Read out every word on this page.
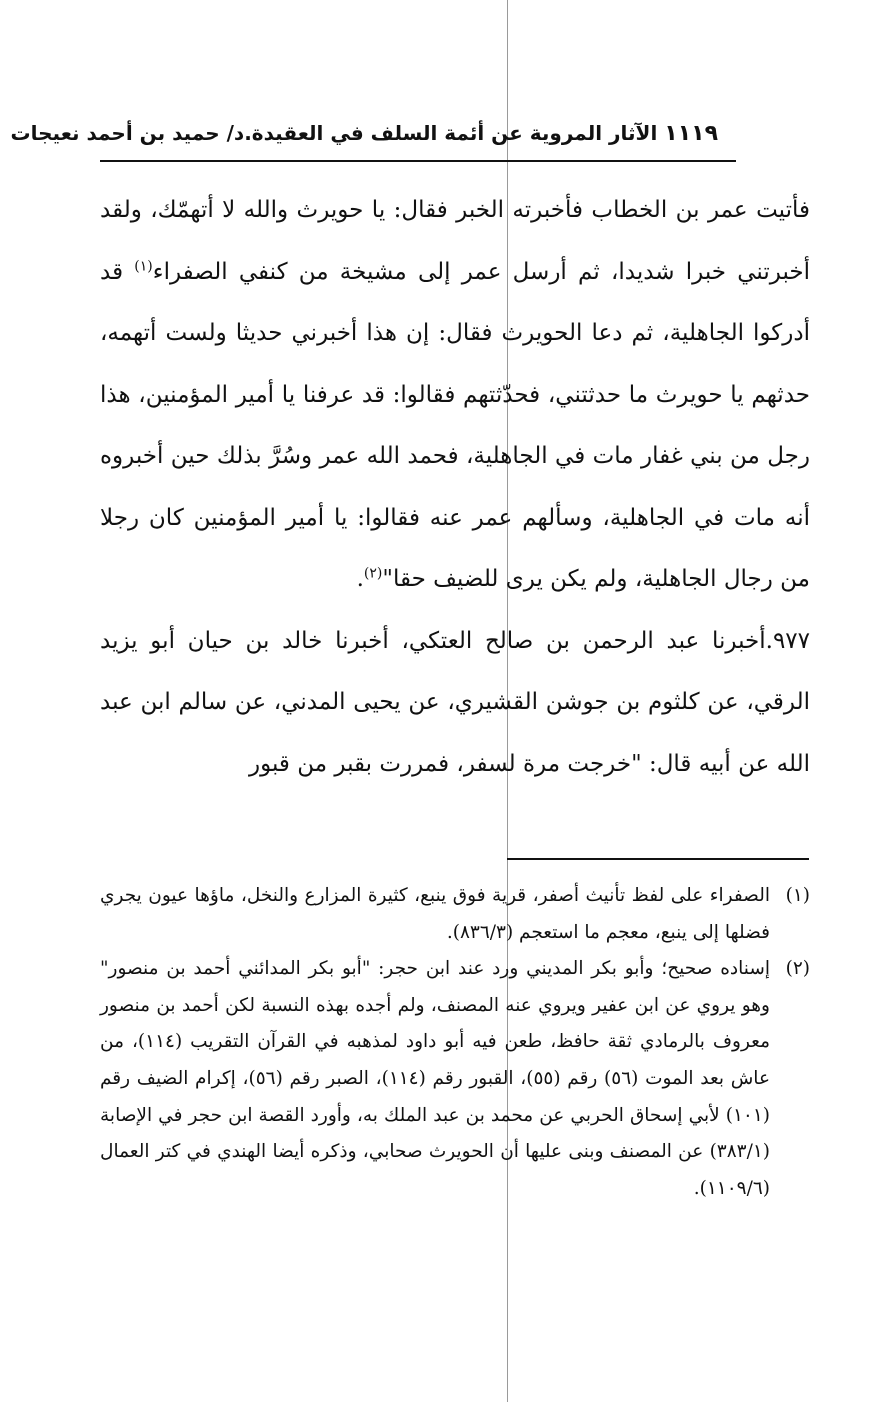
١١١٩ الآثار المروية عن أئمة السلف في العقيدة.د/ حميد بن أحمد نعيجات

فأتيت عمر بن الخطاب فأخبرته الخبر فقال: يا حويرث والله لا أتهمّك، ولقد أخبرتني خبرا شديدا، ثم أرسل عمر إلى مشيخة من كنفي الصفراء$^{(١)}$ قد أدركوا الجاهلية، ثم دعا الحويرث فقال: إن هذا أخبرني حديثا ولست أتهمه، حدثهم يا حويرث ما حدثتني، فحدّثتهم فقالوا: قد عرفنا يا أمير المؤمنين، هذا رجل من بني غفار مات في الجاهلية، فحمد الله عمر وسُرَّ بذلك حين أخبروه أنه مات في الجاهلية، وسألهم عمر عنه فقالوا: يا أمير المؤمنين كان رجلا من رجال الجاهلية، ولم يكن يرى للضيف حقا"$^{(٢)}$.

٩٧٧.أخبرنا عبد الرحمن بن صالح العتكي، أخبرنا خالد بن حيان أبو يزيد الرقي، عن كلثوم بن جوشن القشيري، عن يحيى المدني، عن سالم ابن عبد الله عن أبيه قال: "خرجت مرة لسفر، فمررت بقبر من قبور

(١)
الصفراء على لفظ تأنيث أصفر، قرية فوق ينبع، كثيرة المزارع والنخل، ماؤها عيون يجري فضلها إلى ينبع، معجم ما استعجم (٨٣٦/٣).
(٢)
إسناده صحيح؛ وأبو بكر المديني ورد عند ابن حجر: "أبو بكر المدائني أحمد بن منصور" وهو يروي عن ابن عفير ويروي عنه المصنف، ولم أجده بهذه النسبة لكن أحمد بن منصور معروف بالرمادي ثقة حافظ، طعن فيه أبو داود لمذهبه في القرآن التقريب (١١٤)، من عاش بعد الموت (٥٦) رقم (٥٥)، القبور رقم (١١٤)، الصبر رقم (٥٦)، إكرام الضيف رقم (١٠١) لأبي إسحاق الحربي عن محمد بن عبد الملك به، وأورد القصة ابن حجر في الإصابة (٣٨٣/١) عن المصنف وبنى عليها أن الحويرث صحابي، وذكره أيضا الهندي في كتر العمال (١١٠٩/٦).
